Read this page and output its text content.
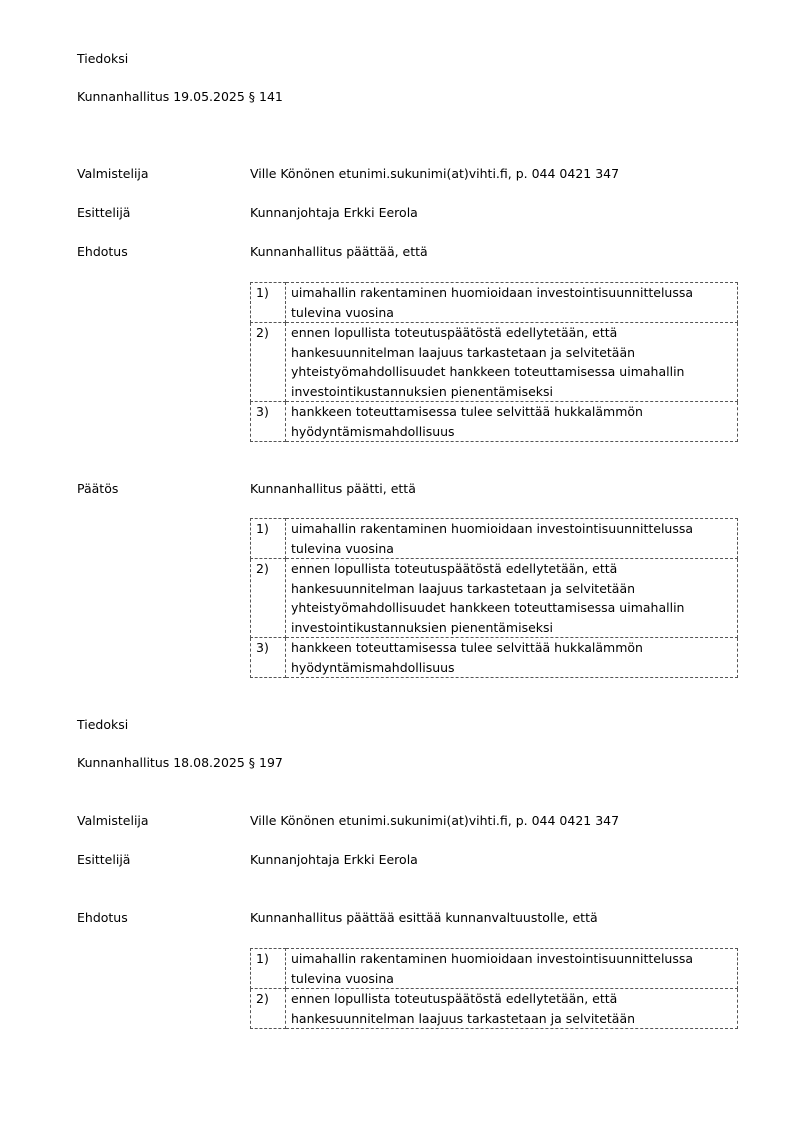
Tiedoksi
Kunnanhallitus 19.05.2025 § 141
Valmistelija	Ville Könönen etunimi.sukunimi(at)vihti.fi, p. 044 0421 347
Esittelijä	Kunnanjohtaja Erkki Eerola
Ehdotus	Kunnanhallitus päättää, että
1)	uimahallin rakentaminen huomioidaan investointisuunnittelussa
tulevina vuosina

2)	ennen lopullista toteutuspäätöstä edellytetään, että
hankesuunnitelman laajuus tarkastetaan ja selvitetään
yhteistyömahdollisuudet hankkeen toteuttamisessa uimahallin
investointikustannuksien pienentämiseksi

3)	hankkeen toteuttamisessa tulee selvittää hukkalämmön
hyödyntämismahdollisuus
Päätös	Kunnanhallitus päätti, että
1)	uimahallin rakentaminen huomioidaan investointisuunnittelussa
tulevina vuosina

2)	ennen lopullista toteutuspäätöstä edellytetään, että
hankesuunnitelman laajuus tarkastetaan ja selvitetään
yhteistyömahdollisuudet hankkeen toteuttamisessa uimahallin
investointikustannuksien pienentämiseksi

3)	hankkeen toteuttamisessa tulee selvittää hukkalämmön
hyödyntämismahdollisuus
Tiedoksi
Kunnanhallitus 18.08.2025 § 197
Valmistelija	Ville Könönen etunimi.sukunimi(at)vihti.fi, p. 044 0421 347
Esittelijä	Kunnanjohtaja Erkki Eerola
Ehdotus	Kunnanhallitus päättää esittää kunnanvaltuustolle, että
1)	uimahallin rakentaminen huomioidaan investointisuunnittelussa
tulevina vuosina

2)	ennen lopullista toteutuspäätöstä edellytetään, että
hankesuunnitelman laajuus tarkastetaan ja selvitetään
